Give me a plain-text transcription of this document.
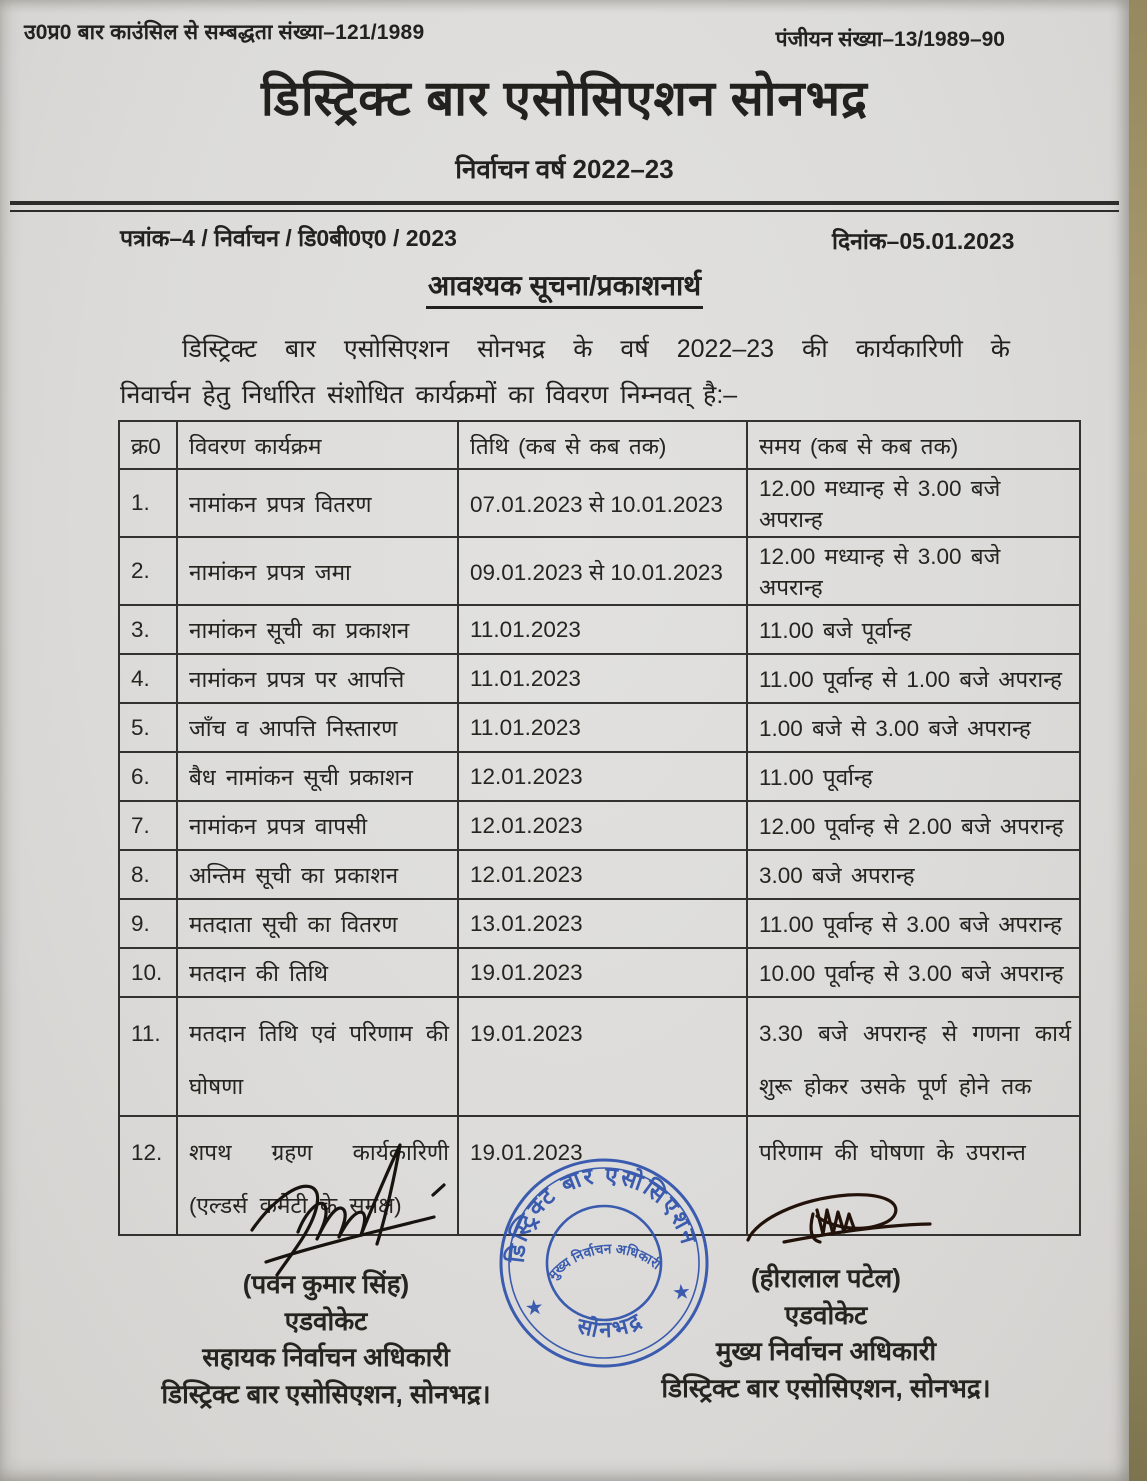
उ0प्र0 बार काउंसिल से सम्बद्धता संख्या–121/1989	पंजीयन संख्या–13/1989–90
डिस्ट्रिक्ट बार एसोसिएशन सोनभद्र
निर्वाचन वर्ष 2022–23
पत्रांक–4 / निर्वाचन / डि0बी0ए0 / 2023	दिनांक–05.01.2023
आवश्यक सूचना/प्रकाशनार्थ
डिस्ट्रिक्ट बार एसोसिएशन सोनभद्र के वर्ष 2022–23 की कार्यकारिणी के
निवार्चन हेतु निर्धारित संशोधित कार्यक्रमों का विवरण निम्नवत् है:–
क्र0	विवरण कार्यक्रम	तिथि (कब से कब तक)	समय (कब से कब तक)
1.	नामांकन प्रपत्र वितरण	07.01.2023 से 10.01.2023	12.00 मध्यान्ह से 3.00 बजे अपरान्ह
2.	नामांकन प्रपत्र जमा	09.01.2023 से 10.01.2023	12.00 मध्यान्ह से 3.00 बजे अपरान्ह
3.	नामांकन सूची का प्रकाशन	11.01.2023	11.00 बजे पूर्वान्ह
4.	नामांकन प्रपत्र पर आपत्ति	11.01.2023	11.00 पूर्वान्ह से 1.00 बजे अपरान्ह
5.	जाँच व आपत्ति निस्तारण	11.01.2023	1.00 बजे से 3.00 बजे अपरान्ह
6.	बैध नामांकन सूची प्रकाशन	12.01.2023	11.00 पूर्वान्ह
7.	नामांकन प्रपत्र वापसी	12.01.2023	12.00 पूर्वान्ह से 2.00 बजे अपरान्ह
8.	अन्तिम सूची का प्रकाशन	12.01.2023	3.00 बजे अपरान्ह
9.	मतदाता सूची का वितरण	13.01.2023	11.00 पूर्वान्ह से 3.00 बजे अपरान्ह
10.	मतदान की तिथि	19.01.2023	10.00 पूर्वान्ह से 3.00 बजे अपरान्ह
11.	मतदान तिथि एवं परिणाम की घोषणा	19.01.2023	3.30 बजे अपरान्ह से गणना कार्य शुरू होकर उसके पूर्ण होने तक
12.	शपथ ग्रहण कार्यकारिणी (एल्डर्स कमेटी के समक्ष)	19.01.2023	परिणाम की घोषणा के उपरान्त
डिस्ट्रिक्ट बार एसोसिएशन
सोनभद्र
मुख्य निर्वाचन अधिकारी
★
★
(पवन कुमार सिंह)
एडवोकेट
सहायक निर्वाचन अधिकारी
डिस्ट्रिक्ट बार एसोसिएशन, सोनभद्र।
(हीरालाल पटेल)
एडवोकेट
मुख्य निर्वाचन अधिकारी
डिस्ट्रिक्ट बार एसोसिएशन, सोनभद्र।
